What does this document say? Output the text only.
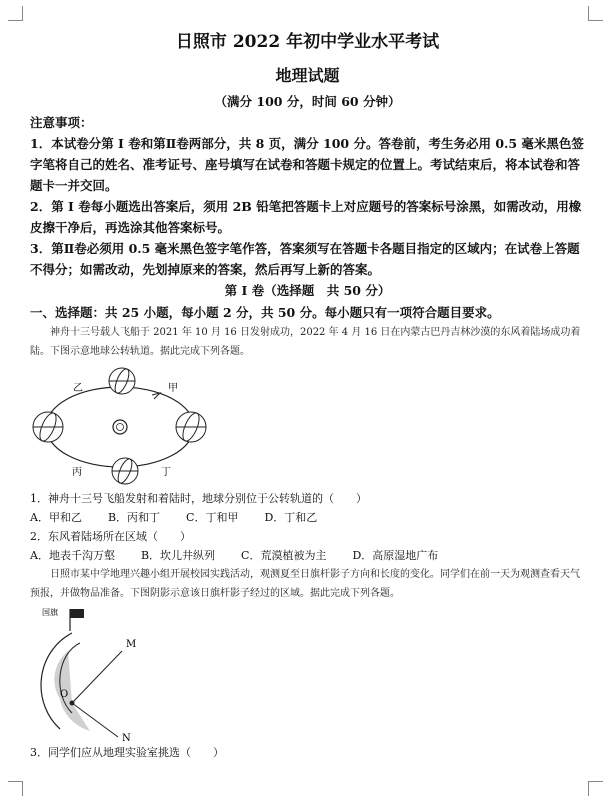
日照市 2022 年初中学业水平考试
地理试题
（满分 100 分，时间 60 分钟）
注意事项：
1．本试卷分第 I 卷和第Ⅱ卷两部分，共 8 页，满分 100 分。答卷前，考生务必用 0.5 毫米黑色签字笔将自己的姓名、准考证号、座号填写在试卷和答题卡规定的位置上。考试结束后，将本试卷和答题卡一并交回。
2．第 I 卷每小题选出答案后，须用 2B 铅笔把答题卡上对应题号的答案标号涂黑，如需改动，用橡皮擦干净后，再选涂其他答案标号。
3．第Ⅱ卷必须用 0.5 毫米黑色签字笔作答，答案须写在答题卡各题目指定的区域内；在试卷上答题不得分；如需改动，先划掉原来的答案，然后再写上新的答案。
第 I 卷（选择题　共 50 分）
一、选择题：共 25 小题，每小题 2 分，共 50 分。每小题只有一项符合题目要求。
神舟十三号载人飞船于 2021 年 10 月 16 日发射成功，2022 年 4 月 16 日在内蒙古巴丹吉林沙漠的东风着陆场成功着陆。下图示意地球公转轨道。据此完成下列各题。
乙	甲
丙	丁
1．神舟十三号飞船发射和着陆时，地球分别位于公转轨道的（　　）
A．甲和乙 B．丙和丁 C．丁和甲 D．丁和乙
2．东风着陆场所在区域（　　）
A．地表千沟万壑 B．坎儿井纵列 C．荒漠植被为主 D．高原湿地广布
日照市某中学地理兴趣小组开展校园实践活动，观测夏至日旗杆影子方向和长度的变化。同学们在前一天为观测查看天气预报，并做物品准备。下图阴影示意该日旗杆影子经过的区域。据此完成下列各题。
国旗
M
O
N
3．同学们应从地理实验室挑选（　　）
